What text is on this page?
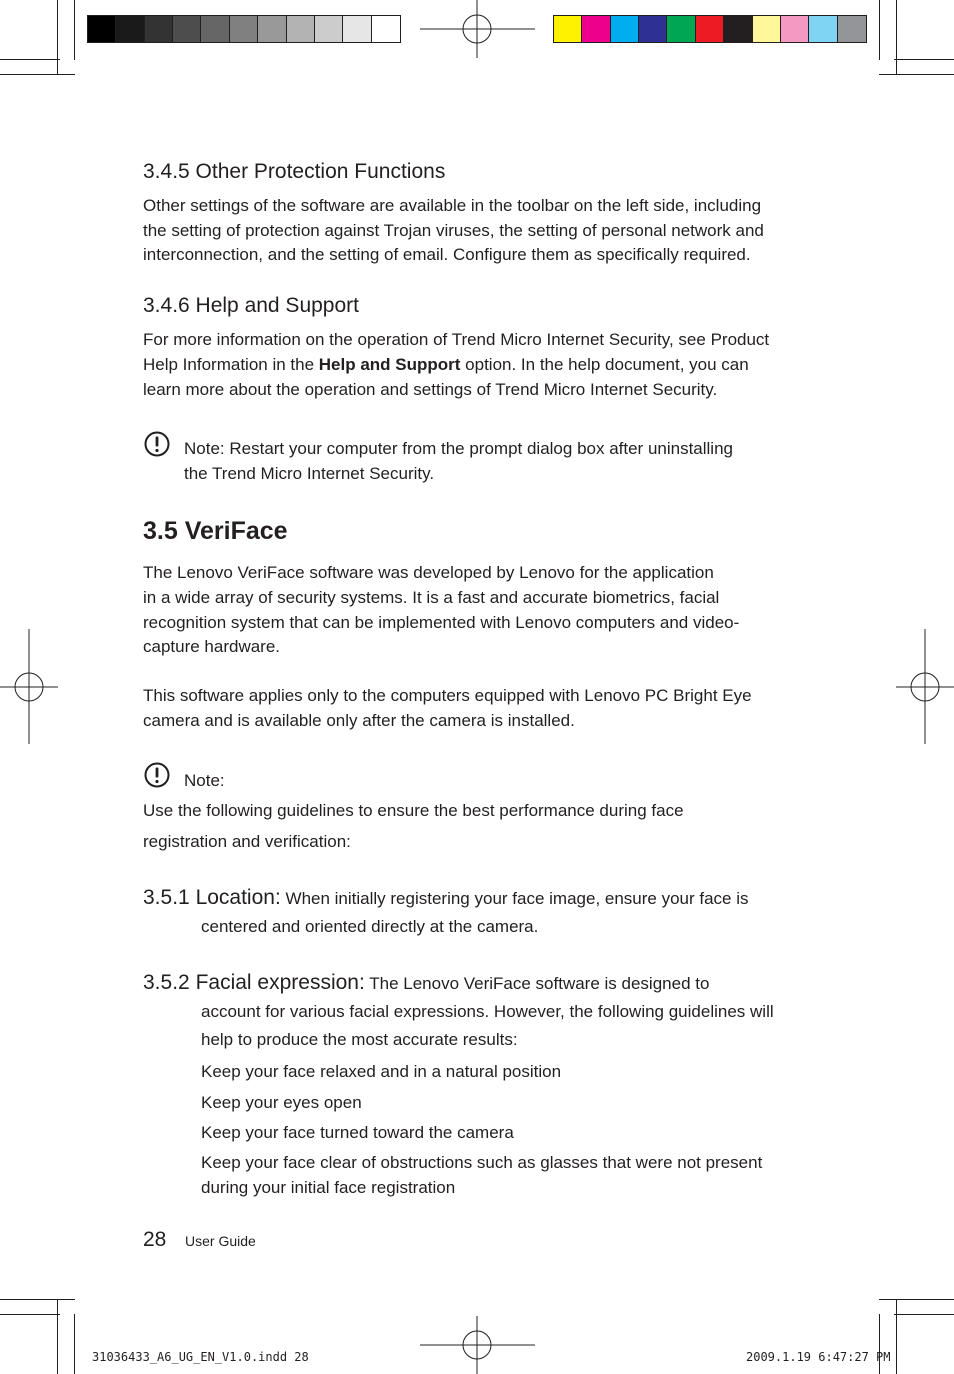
3.4.5 Other Protection Functions

Other settings of the software are available in the toolbar on the left side, including

the setting of protection against Trojan viruses, the setting of personal network and

interconnection, and the setting of email. Configure them as specifically required.

3.4.6 Help and Support

For more information on the operation of Trend Micro Internet Security, see Product

Help Information in the Help and Support option. In the help document, you can

learn more about the operation and settings of Trend Micro Internet Security.

Note: Restart your computer from the prompt dialog box after uninstalling

the Trend Micro Internet Security.

3.5 VeriFace

The Lenovo VeriFace software was developed by Lenovo for the application

in a wide array of security systems. It is a fast and accurate biometrics, facial

recognition system that can be implemented with Lenovo computers and video-

capture hardware.

This software applies only to the computers equipped with Lenovo PC Bright Eye

camera and is available only after the camera is installed.

Note:

Use the following guidelines to ensure the best performance during face

registration and verification:

3.5.1 Location: When initially registering your face image, ensure your face is

centered and oriented directly at the camera.

3.5.2 Facial expression: The Lenovo VeriFace software is designed to

account for various facial expressions. However, the following guidelines will

help to produce the most accurate results:

Keep your face relaxed and in a natural position

Keep your eyes open

Keep your face turned toward the camera

Keep your face clear of obstructions such as glasses that were not present

during your initial face registration

28 User Guide
31036433_A6_UG_EN_V1.0.indd 28	2009.1.19 6:47:27 PM
